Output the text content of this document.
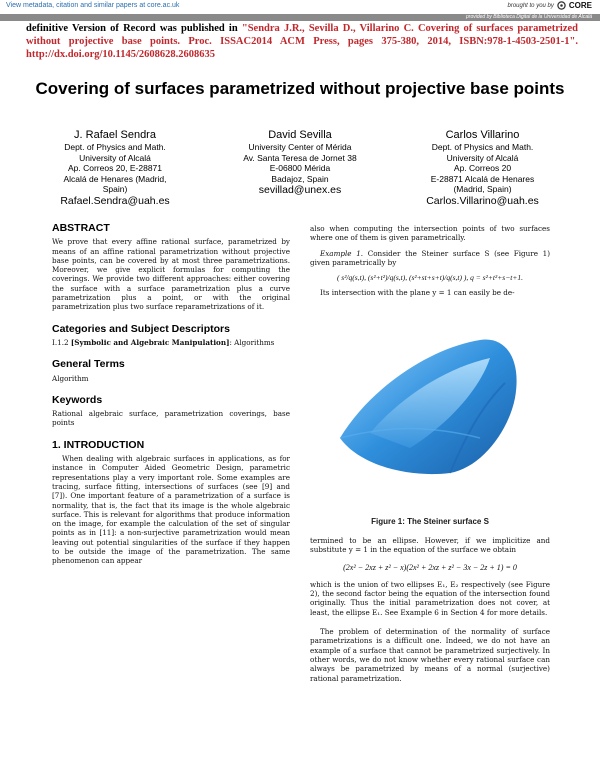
View metadata, citation and similar papers at core.ac.uk	brought to you by CORE
provided by Biblioteca Digital de la Universidad de Alcalá
definitive Version of Record was published in "Sendra J.R., Sevilla D., Villarino C. Covering of surfaces parametrized without projective base points. Proc. ISSAC2014 ACM Press, pages 375-380, 2014, ISBN:978-1-4503-2501-1". http://dx.doi.org/10.1145/2608628.2608635
Covering of surfaces parametrized without projective base points
J. Rafael Sendra
Dept. of Physics and Math.
University of Alcalá
Ap. Correos 20, E-28871
Alcalá de Henares (Madrid,
Spain)
Rafael.Sendra@uah.es
David Sevilla
University Center of Mérida
Av. Santa Teresa de Jornet 38
E-06800 Mérida
Badajoz, Spain
sevillad@unex.es
Carlos Villarino
Dept. of Physics and Math.
University of Alcalá
Ap. Correos 20
E-28871 Alcalá de Henares
(Madrid, Spain)
Carlos.Villarino@uah.es
ABSTRACT

We prove that every affine rational surface, parametrized by means of an affine rational parametrization without projective base points, can be covered by at most three parametrizations. Moreover, we give explicit formulas for computing the coverings. We provide two different approaches: either covering the surface with a surface parametrization plus a curve parametrization plus a point, or with the original parametrization plus two surface reparametrizations of it.

Categories and Subject Descriptors

I.1.2 [Symbolic and Algebraic Manipulation]: Algorithms

General Terms

Algorithm

Keywords

Rational algebraic surface, parametrization coverings, base points

1. INTRODUCTION

When dealing with algebraic surfaces in applications, as for instance in Computer Aided Geometric Design, parametric representations play a very important role. Some examples are tracing, surface fitting, intersections of surfaces (see [9] and [7]). One important feature of a parametrization of a surface is normality, that is, the fact that its image is the whole algebraic surface. This is relevant for algorithms that produce information on the image, for example the calculation of the set of singular points as in [11]: a non-surjective parametrization would mean leaving out potential singularities of the surface if they happen to be outside the image of the parametrization. The same phenomenon can appear

also when computing the intersection points of two surfaces where one of them is given parametrically.

Example 1. Consider the Steiner surface S (see Figure 1) given parametrically by

( s²/q(s,t), (s²+t²)/q(s,t), (s²+st+s+t)/q(s,t) ), q = s²+t²+s−t+1.

Its intersection with the plane y = 1 can easily be de-

Figure 1: The Steiner surface S

termined to be an ellipse. However, if we implicitize and substitute y = 1 in the equation of the surface we obtain

(2x² − 2xz + z² − x)(2x² + 2xz + z² − 3x − 2z + 1) = 0

which is the union of two ellipses E₁, E₂ respectively (see Figure 2), the second factor being the equation of the intersection found originally. Thus the initial parametrization does not cover, at least, the ellipse E₁. See Example 6 in Section 4 for more details.

The problem of determination of the normality of surface parametrizations is a difficult one. Indeed, we do not have an example of a surface that cannot be parametrized surjectively. In other words, we do not know whether every rational surface can always be parametrized by means of a normal (surjective) rational parametrization.
